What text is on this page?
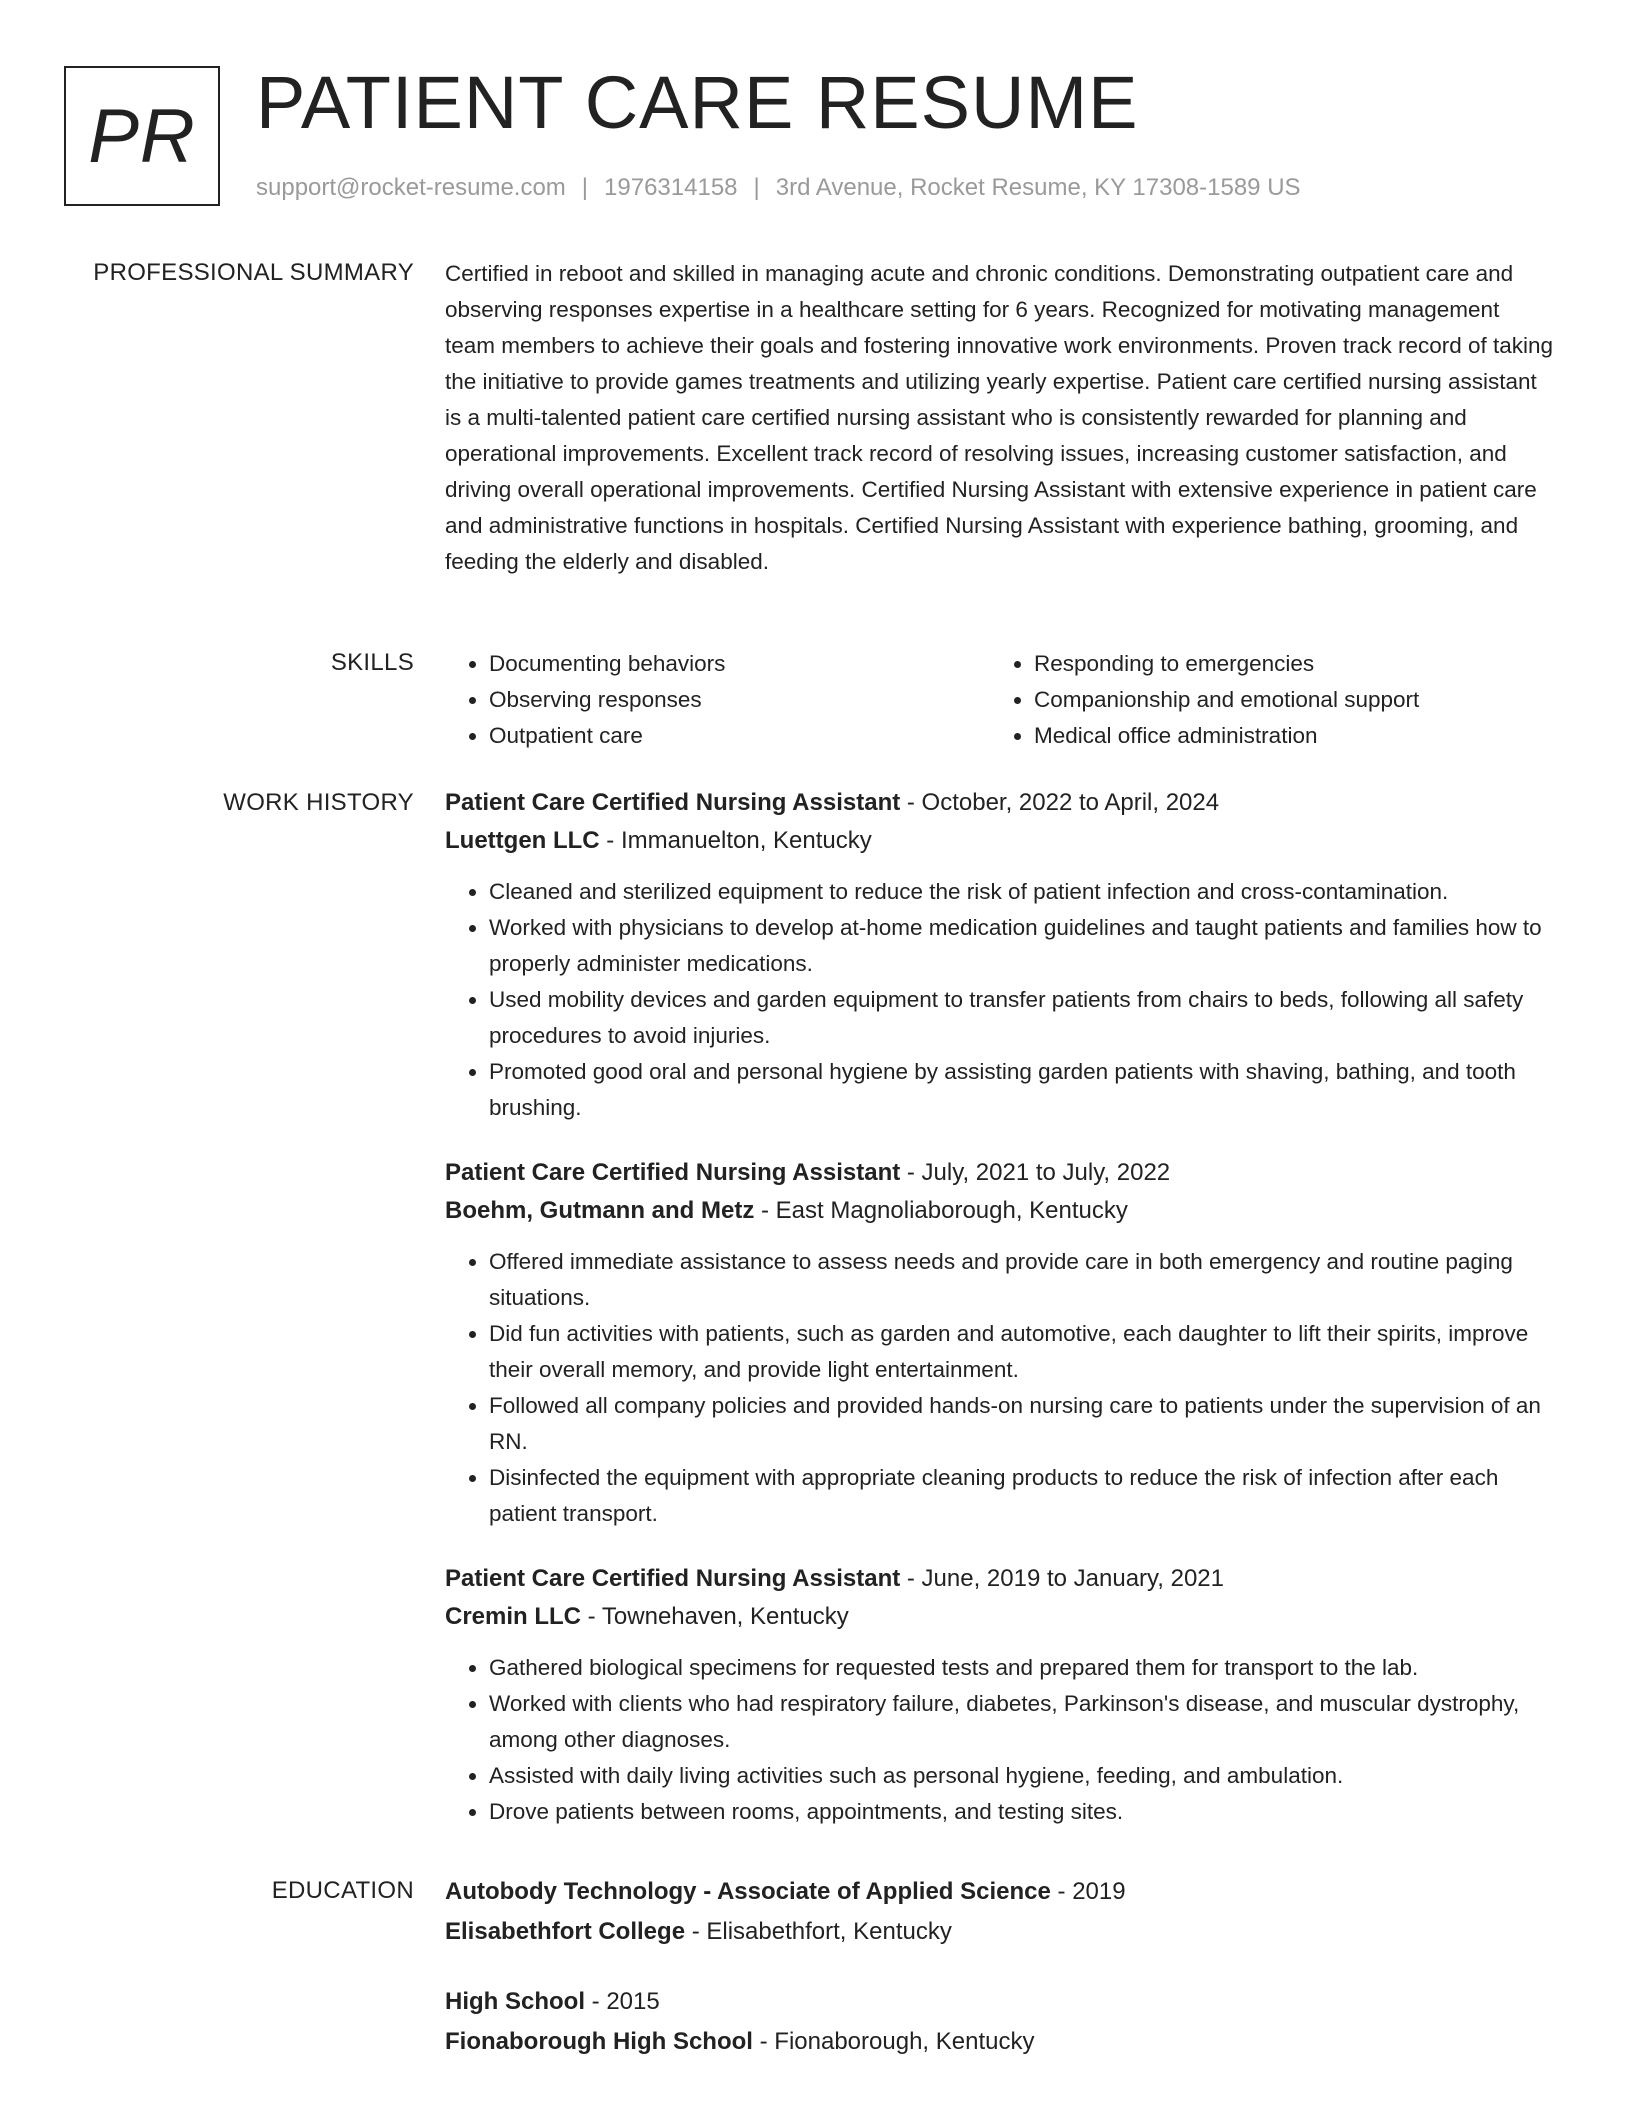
PR PATIENT CARE RESUME
support@rocket-resume.com | 1976314158 | 3rd Avenue, Rocket Resume, KY 17308-1589 US
PROFESSIONAL SUMMARY Certified in reboot and skilled in managing acute and chronic conditions. Demonstrating outpatient care and observing responses expertise in a healthcare setting for 6 years. Recognized for motivating management team members to achieve their goals and fostering innovative work environments. Proven track record of taking the initiative to provide games treatments and utilizing yearly expertise. Patient care certified nursing assistant is a multi-talented patient care certified nursing assistant who is consistently rewarded for planning and operational improvements. Excellent track record of resolving issues, increasing customer satisfaction, and driving overall operational improvements. Certified Nursing Assistant with extensive experience in patient care and administrative functions in hospitals. Certified Nursing Assistant with experience bathing, grooming, and feeding the elderly and disabled.

SKILLS
•	Documenting behaviors
• Observing responses
• Outpatient care
• Responding to emergencies
• Companionship and emotional support
• Medical office administration
WORK HISTORY Patient Care Certified Nursing Assistant - October, 2022 to April, 2024
Luettgen LLC - Immanuelton, Kentucky
• Cleaned and sterilized equipment to reduce the risk of patient infection and cross-contamination.
• Worked with physicians to develop at-home medication guidelines and taught patients and families how to properly administer medications.
• Used mobility devices and garden equipment to transfer patients from chairs to beds, following all safety procedures to avoid injuries.
• Promoted good oral and personal hygiene by assisting garden patients with shaving, bathing, and tooth brushing.
Patient Care Certified Nursing Assistant - July, 2021 to July, 2022
Boehm, Gutmann and Metz - East Magnoliaborough, Kentucky
• Offered immediate assistance to assess needs and provide care in both emergency and routine paging situations.
• Did fun activities with patients, such as garden and automotive, each daughter to lift their spirits, improve their overall memory, and provide light entertainment.
• Followed all company policies and provided hands-on nursing care to patients under the supervision of an RN.
• Disinfected the equipment with appropriate cleaning products to reduce the risk of infection after each patient transport.
Patient Care Certified Nursing Assistant - June, 2019 to January, 2021
Cremin LLC - Townehaven, Kentucky
• Gathered biological specimens for requested tests and prepared them for transport to the lab.
• Worked with clients who had respiratory failure, diabetes, Parkinson's disease, and muscular dystrophy, among other diagnoses.
• Assisted with daily living activities such as personal hygiene, feeding, and ambulation.
• Drove patients between rooms, appointments, and testing sites.
EDUCATION Autobody Technology - Associate of Applied Science - 2019
Elisabethfort College - Elisabethfort, Kentucky
High School - 2015
Fionaborough High School - Fionaborough, Kentucky
